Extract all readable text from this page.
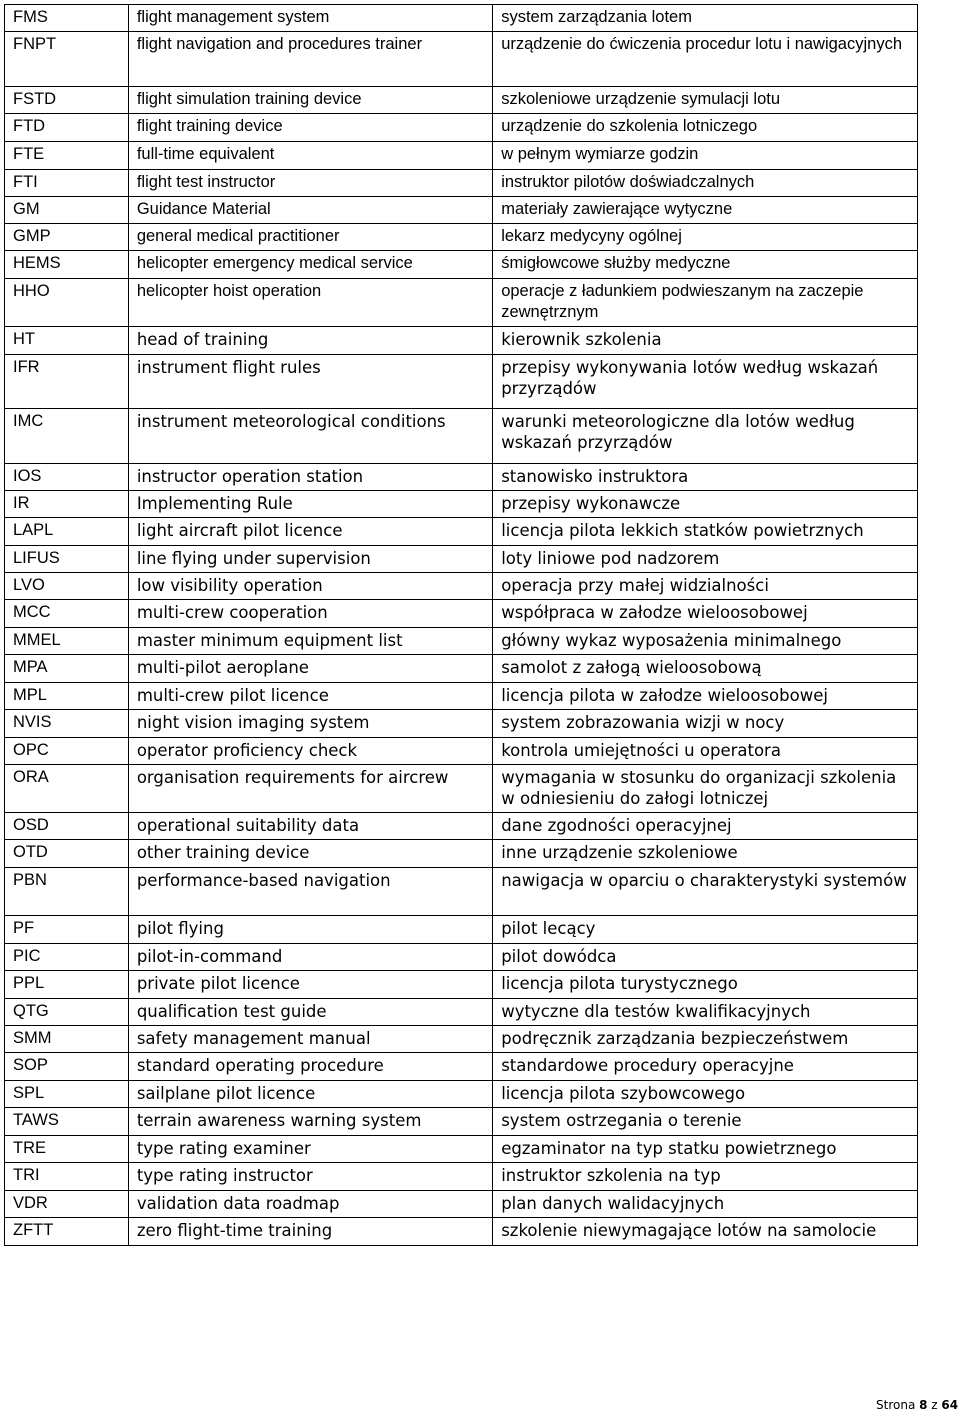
FMS	flight management system	system zarządzania lotem
FNPT	flight navigation and procedures trainer	urządzenie do ćwiczenia procedur lotu i nawigacyjnych
FSTD	flight simulation training device	szkoleniowe urządzenie symulacji lotu
FTD	flight training device	urządzenie do szkolenia lotniczego
FTE	full-time equivalent	w pełnym wymiarze godzin
FTI	flight test instructor	instruktor pilotów doświadczalnych
GM	Guidance Material	materiały zawierające wytyczne
GMP	general medical practitioner	lekarz medycyny ogólnej
HEMS	helicopter emergency medical service	śmigłowcowe służby medyczne
HHO	helicopter hoist operation	operacje z ładunkiem podwieszanym na zaczepie zewnętrznym
HT	head of training	kierownik szkolenia
IFR	instrument flight rules	przepisy wykonywania lotów według wskazań przyrządów
IMC	instrument meteorological conditions	warunki meteorologiczne dla lotów według wskazań przyrządów
IOS	instructor operation station	stanowisko instruktora
IR	Implementing Rule	przepisy wykonawcze
LAPL	light aircraft pilot licence	licencja pilota lekkich statków powietrznych
LIFUS	line flying under supervision	loty liniowe pod nadzorem
LVO	low visibility operation	operacja przy małej widzialności
MCC	multi-crew cooperation	współpraca w załodze wieloosobowej
MMEL	master minimum equipment list	główny wykaz wyposażenia minimalnego
MPA	multi-pilot aeroplane	samolot z załogą wieloosobową
MPL	multi-crew pilot licence	licencja pilota w załodze wieloosobowej
NVIS	night vision imaging system	system zobrazowania wizji w nocy
OPC	operator proficiency check	kontrola umiejętności u operatora
ORA	organisation requirements for aircrew	wymagania w stosunku do organizacji szkolenia w odniesieniu do załogi lotniczej
OSD	operational suitability data	dane zgodności operacyjnej
OTD	other training device	inne urządzenie szkoleniowe
PBN	performance-based navigation	nawigacja w oparciu o charakterystyki systemów
PF	pilot flying	pilot lecący
PIC	pilot-in-command	pilot dowódca
PPL	private pilot licence	licencja pilota turystycznego
QTG	qualification test guide	wytyczne dla testów kwalifikacyjnych
SMM	safety management manual	podręcznik zarządzania bezpieczeństwem
SOP	standard operating procedure	standardowe procedury operacyjne
SPL	sailplane pilot licence	licencja pilota szybowcowego
TAWS	terrain awareness warning system	system ostrzegania o terenie
TRE	type rating examiner	egzaminator na typ statku powietrznego
TRI	type rating instructor	instruktor szkolenia na typ
VDR	validation data roadmap	plan danych walidacyjnych
ZFTT	zero flight-time training	szkolenie niewymagające lotów na samolocie
Strona 8 z 64
